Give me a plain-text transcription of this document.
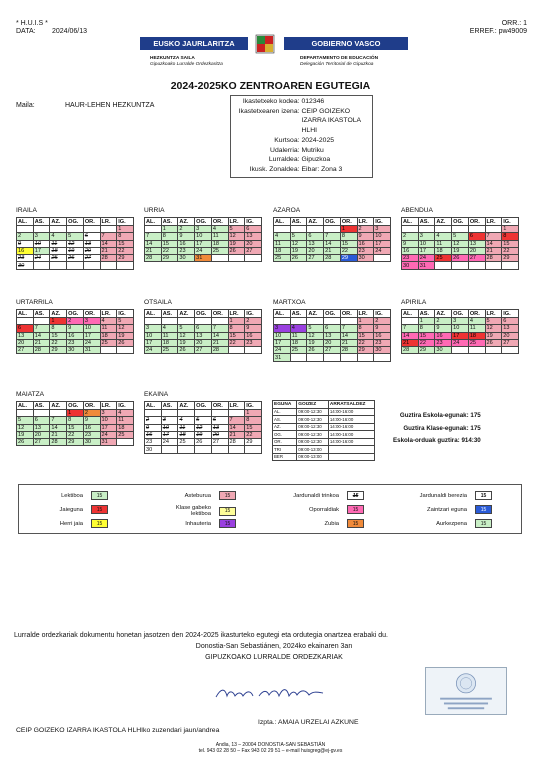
* H.U.I.S *
DATA: 2024/06/13
ORR.: 1
ERREF.: pw49009
EUSKO JAURLARITZA	GOBIERNO VASCO
HEZKUNTZA SAILA
Gipuzkoako Lurralde Ordezkaritza
DEPARTAMENTO DE EDUCACIÓN
Delegación Territorial de Gipuzkoa
2024-2025KO ZENTROAREN EGUTEGIA
Maila:	HAUR-LEHEN HEZKUNTZA
Ikastetxeko kodea: 012346
Ikastetxearen izena: CEIP GOIZEKO IZARRA IKASTOLA HLHI
Kurtsoa: 2024-2025
Udalerria: Mutriku
Lurraldea: Gipuzkoa
Ikusk. Zonaldea: Eibar: Zona 3
IRAILA
AL.	AS.	AZ.	OG.	OR.	LR.	IG.
						1
2	3	4	5	6	7	8
9	10	11	12	13	14	15
16	17	18	19	20	21	22
23	24	25	26	27	28	29
30						
URRIA
AL.	AS.	AZ.	OG.	OR.	LR.	IG.
	1	2	3	4	5	6
7	8	9	10	11	12	13
14	15	16	17	18	19	20
21	22	23	24	25	26	27
28	29	30	31			
AZAROA
AL.	AS.	AZ.	OG.	OR.	LR.	IG.
				1	2	3
4	5	6	7	8	9	10
11	12	13	14	15	16	17
18	19	20	21	22	23	24
25	26	27	28	29	30	
ABENDUA
AL.	AS.	AZ.	OG.	OR.	LR.	IG.
						1
2	3	4	5	6	7	8
9	10	11	12	13	14	15
16	17	18	19	20	21	22
23	24	25	26	27	28	29
30	31					
URTARRILA
AL.	AS.	AZ.	OG.	OR.	LR.	IG.
		1	2	3	4	5
6	7	8	9	10	11	12
13	14	15	16	17	18	19
20	21	22	23	24	25	26
27	28	29	30	31		
OTSAILA
AL.	AS.	AZ.	OG.	OR.	LR.	IG.
					1	2
3	4	5	6	7	8	9
10	11	12	13	14	15	16
17	18	19	20	21	22	23
24	25	26	27	28		
MARTXOA
AL.	AS.	AZ.	OG.	OR.	LR.	IG.
					1	2
3	4	5	6	7	8	9
10	11	12	13	14	15	16
17	18	19	20	21	22	23
24	25	26	27	28	29	30
31						
APIRILA
AL.	AS.	AZ.	OG.	OR.	LR.	IG.
	1	2	3	4	5	6
7	8	9	10	11	12	13
14	15	16	17	18	19	20
21	22	23	24	25	26	27
28	29	30				
MAIATZA
AL.	AS.	AZ.	OG.	OR.	LR.	IG.
			1	2	3	4
5	6	7	8	9	10	11
12	13	14	15	16	17	18
19	20	21	22	23	24	25
26	27	28	29	30	31	
EKAINA
AL.	AS.	AZ.	OG.	OR.	LR.	IG.
						1
2	3	4	5	6	7	8
9	10	11	12	13	14	15
16	17	18	19	20	21	22
23	24	25	26	27	28	29
30						
EGUNA	GOIZEZ	ARRATSALDEZ
AL.	09:00-12:30	14:00-16:00
AS.	09:00-12:30	14:00-16:00
AZ.	09:00-12:30	14:00-16:00
OG.	09:00-12:30	14:00-16:00
OR.	09:00-12:30	14:00-16:00
TRI	09:00-13:00	
BER	09:00-13:00	
Guztira Eskola-egunak: 175
Guztira Klase-egunak: 175
Eskola-orduak guztira: 914:30
Lektiboa	15	Asteburua	15	Jardunaldi trinkoa	15	Jardunaldi berezia	15
Jaieguna	15	Klase gabeko lektiboa	15	Oporraldiak	15	Zaintzari eguna	15
Herri jaia	15	Inhauteria	15	Zubia	15	Aurkezpena	15
Lurralde ordezkariak dokumentu honetan jasotzen den 2024-2025 ikasturteko egutegi eta ordutegia onartzea erabaki du.
Donostia-San Sebastiánen, 2024ko ekainaren 3an
GIPUZKOAKO LURRALDE ORDEZKARIAK
Izpta.: AMAIA URZELAI AZKUNE
CEIP GOIZEKO IZARRA IKASTOLA HLHIko zuzendari jaun/andrea
Andia, 13 – 20004 DONOSTIA-SAN SEBASTIÁN
tel. 943 02 28 50 – Fax 943 02 29 51 – e-mail huisgreg@ej-gv.es
